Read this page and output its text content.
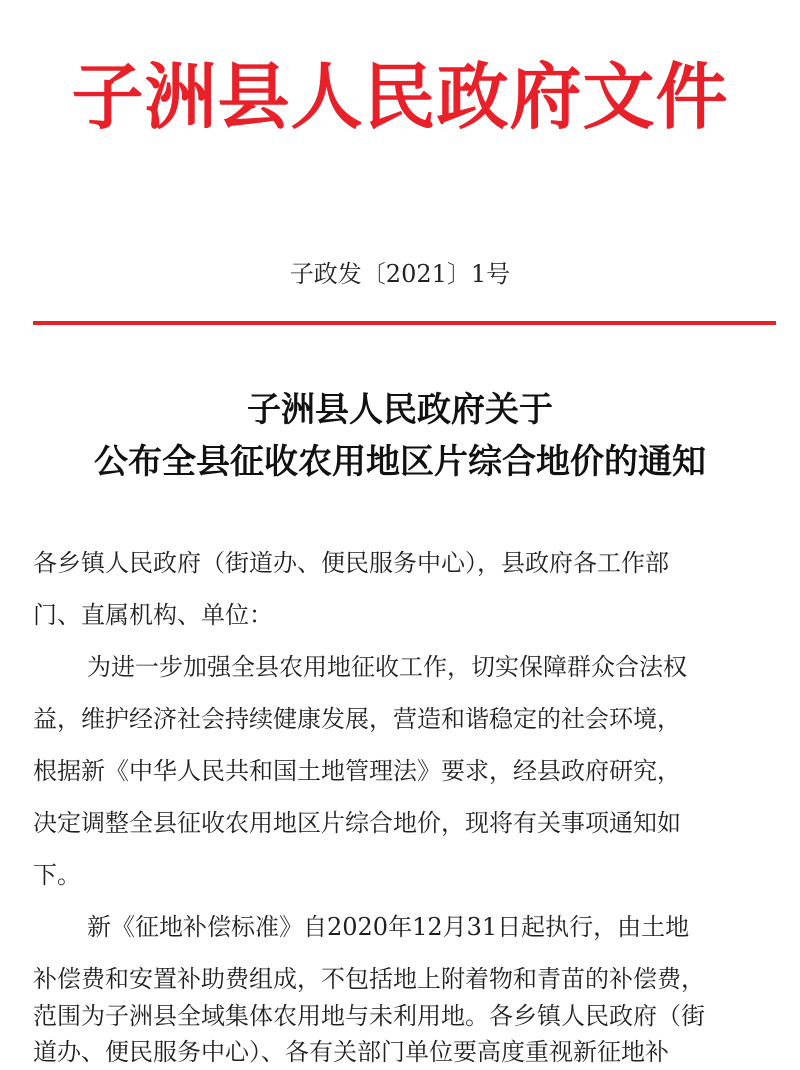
子洲县人民政府文件
子政发〔2021〕1号
子洲县人民政府关于
公布全县征收农用地区片综合地价的通知
各乡镇人民政府（街道办、便民服务中心），县政府各工作部
门、直属机构、单位：
为进一步加强全县农用地征收工作，切实保障群众合法权
益，维护经济社会持续健康发展，营造和谐稳定的社会环境，
根据新《中华人民共和国土地管理法》要求，经县政府研究，
决定调整全县征收农用地区片综合地价，现将有关事项通知如
下。
新《征地补偿标准》自2020年12月31日起执行，由土地
补偿费和安置补助费组成，不包括地上附着物和青苗的补偿费，
范围为子洲县全域集体农用地与未利用地。各乡镇人民政府（街
道办、便民服务中心）、各有关部门单位要高度重视新征地补
